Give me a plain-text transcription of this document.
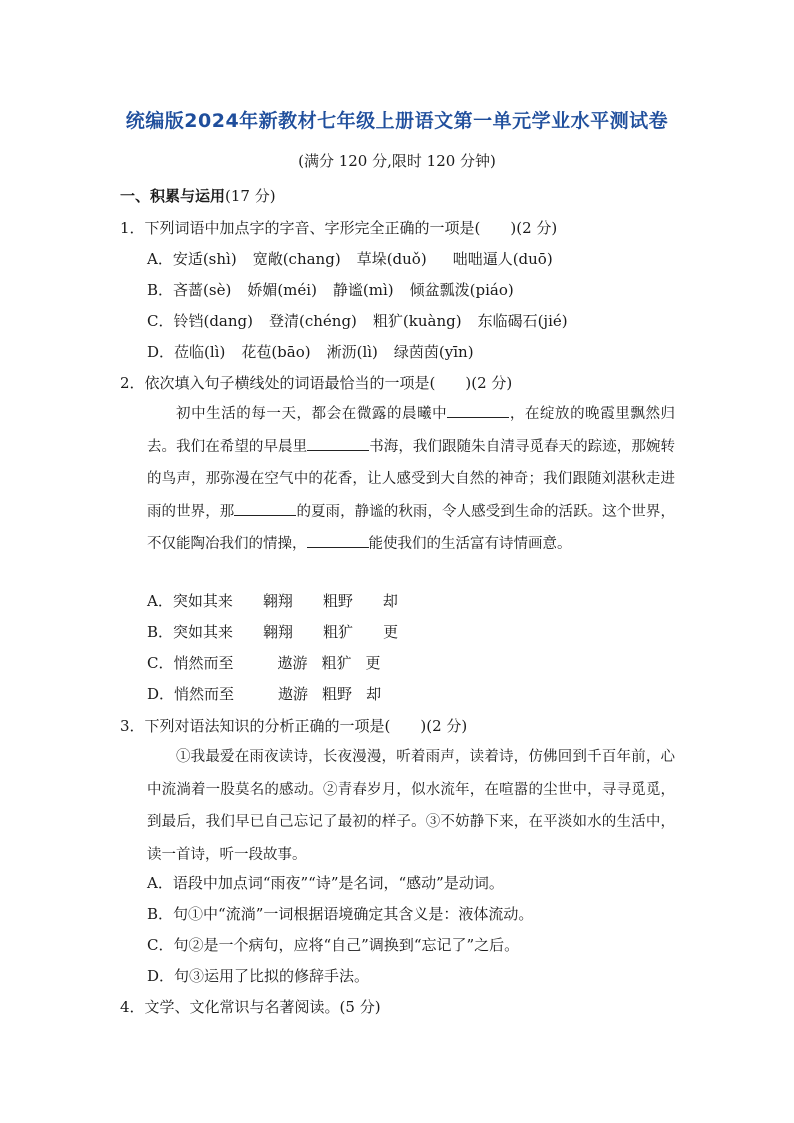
统编版2024年新教材七年级上册语文第一单元学业水平测试卷
(满分 120 分,限时 120 分钟)
一、积累与运用(17 分)
1．下列词语中加点字的字音、字形完全正确的一项是( )(2 分)
A．安适(shì) 宽敞(chang) 草垛(duǒ) 咄咄逼人(duō)
B．吝蔷(sè) 娇媚(méi) 静谧(mì) 倾盆瓢泼(piáo)
C．铃铛(dang) 登清(chéng) 粗犷(kuàng) 东临碣石(jié)
D．莅临(lì) 花苞(bāo) 淅沥(lì) 绿茵茵(yīn)
2．依次填入句子横线处的词语最恰当的一项是( )(2 分)

初中生活的每一天，都会在微露的晨曦中	，在绽放的晚霞里飘然归去。我们在希望的早晨里	书海，我们跟随朱自清寻觅春天的踪迹，那婉转的鸟声，那弥漫在空气中的花香，让人感受到大自然的神奇；我们跟随刘湛秋走进雨的世界，那	的夏雨，静谧的秋雨，令人感受到生命的活跃。这个世界，不仅能陶冶我们的情操，	能使我们的生活富有诗情画意。

A．突如其来 翱翔 粗野 却
B．突如其来 翱翔 粗犷 更
C．悄然而至	遨游 粗犷 更
D．悄然而至	遨游 粗野 却
3．下列对语法知识的分析正确的一项是( )(2 分)

①我最爱在雨夜读诗，长夜漫漫，听着雨声，读着诗，仿佛回到千百年前，心中流淌着一股莫名的感动。②青春岁月，似水流年，在喧嚣的尘世中，寻寻觅觅，到最后，我们早已自己忘记了最初的样子。③不妨静下来，在平淡如水的生活中，读一首诗，听一段故事。

A．语段中加点词“雨夜”“诗”是名词，“感动”是动词。
B．句①中“流淌”一词根据语境确定其含义是：液体流动。
C．句②是一个病句，应将“自己”调换到“忘记了”之后。
D．句③运用了比拟的修辞手法。
4．文学、文化常识与名著阅读。(5 分)
